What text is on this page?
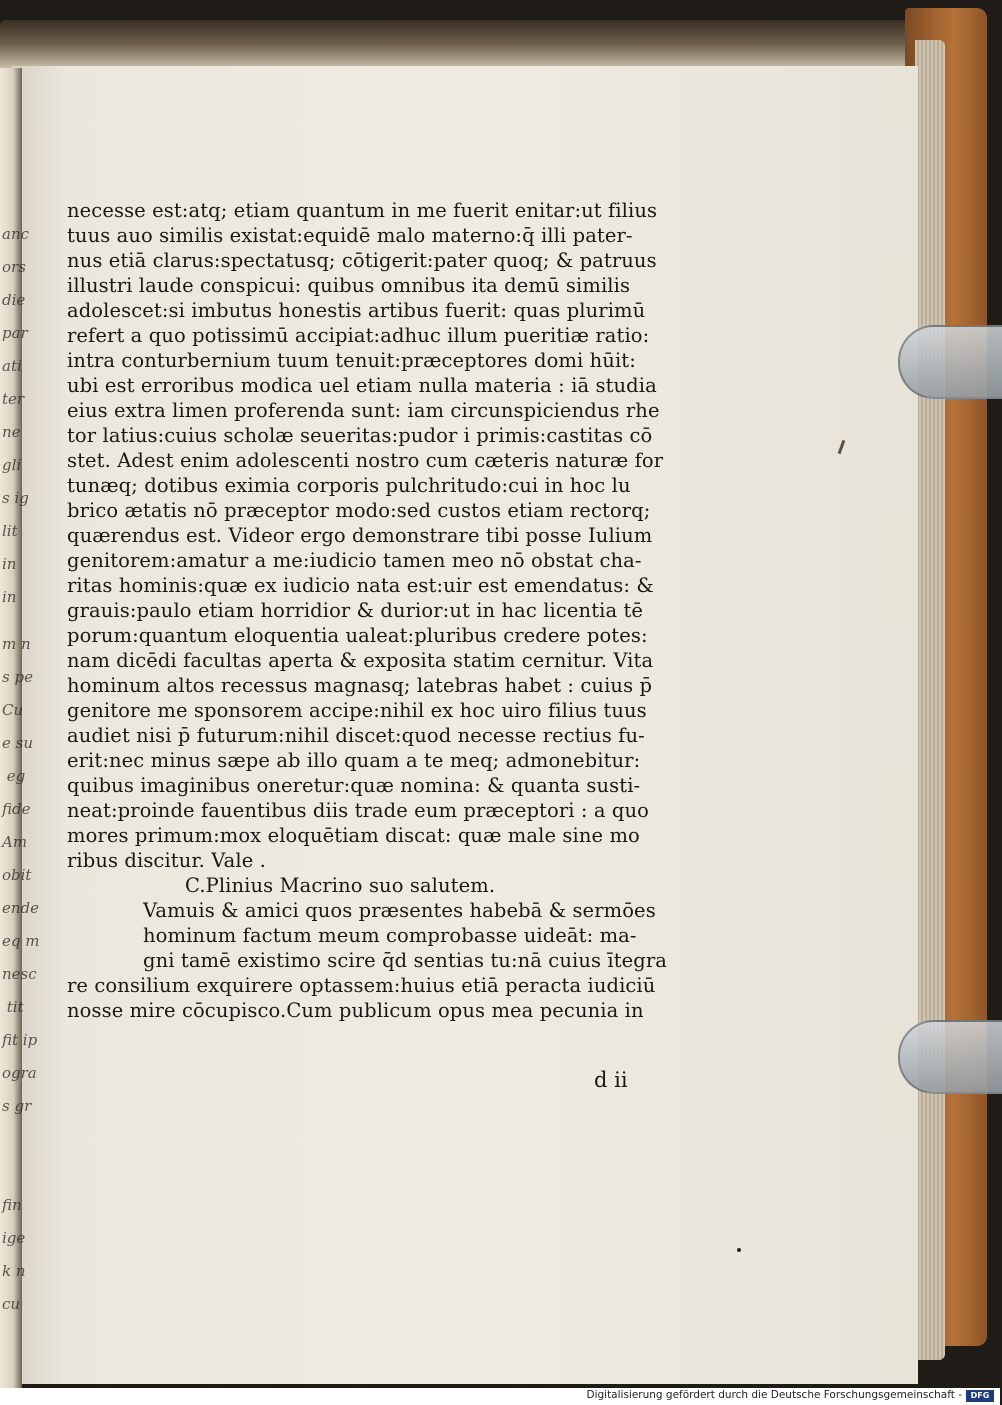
anc
ors
die
par
ati
ter
ne
gli
s ig
lit
in
in
m
s
Cu
e
eg
fide
Am
obit
ende
eq
nesc
tit
fit
ogra
s

fin
ige
k n
cu
necesse est:atq; etiam quantum in me fuerit enitar:ut filius
tuus auo similis existat:equidē malo materno:q̄ illi pater-
nus etiā clarus:spectatusq; cōtigerit:pater quoq; & patruus
illustri laude conspicui: quibus omnibus ita demū similis
adolescet:si imbutus honestis artibus fuerit: quas plurimū
refert a quo potissimū accipiat:adhuc illum pueritiæ ratio:
intra conturbernium tuum tenuit:præceptores domi hūit:
ubi est erroribus modica uel etiam nulla materia : iā studia
eius extra limen proferenda sunt: iam circunspiciendus rhe
tor latius:cuius scholæ seueritas:pudor i primis:castitas cō
stet. Adest enim adolescenti nostro cum cæteris naturæ for
tunæq; dotibus eximia corporis pulchritudo:cui in hoc lu
brico ætatis nō præceptor modo:sed custos etiam rectorq;
quærendus est. Videor ergo demonstrare tibi posse Iulium
genitorem:amatur a me:iudicio tamen meo nō obstat cha-
ritas hominis:quæ ex iudicio nata est:uir est emendatus: &
grauis:paulo etiam horridior & durior:ut in hac licentia tē
porum:quantum eloquentia ualeat:pluribus credere potes:
nam dicēdi facultas aperta & exposita statim cernitur. Vita
hominum altos recessus magnasq; latebras habet : cuius p̄
genitore me sponsorem accipe:nihil ex hoc uiro filius tuus
audiet nisi p̄ futurum:nihil discet:quod necesse rectius fu-
erit:nec minus sæpe ab illo quam a te meq; admonebitur:
quibus imaginibus oneretur:quæ nomina: & quanta susti-
neat:proinde fauentibus diis trade eum præceptori : a quo
mores primum:mox eloquētiam discat: quæ male sine mo
ribus discitur. Vale .
C.Plinius Macrino suo salutem.
Vamuis & amici quos præsentes habebā & sermōes
hominum factum meum comprobasse uideāt: ma-
gni tamē existimo scire q̄d sentias tu:nā cuius ītegra
re consilium exquirere optassem:huius etiā peracta iudiciū
nosse mire cōcupisco.Cum publicum opus mea pecunia in
d ii
Digitalisierung gefördert durch die Deutsche Forschungsgemeinschaft -	DFG
